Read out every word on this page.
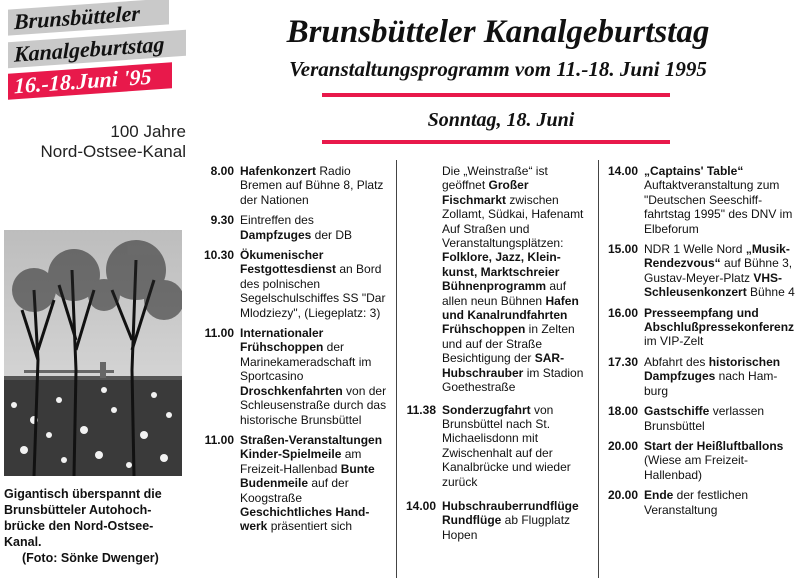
Brunsbütteler
Kanalgeburtstag
16.-18.Juni '95
100 Jahre
Nord-Ostsee-Kanal
Brunsbütteler Kanalgeburtstag
Veranstaltungsprogramm vom 11.-18. Juni 1995
Sonntag, 18. Juni
Gigantisch überspannt die Brunsbütteler Autohochbrücke den Nord-Ostsee-Kanal.
(Foto: Sönke Dwenger)
8.00 Hafenkonzert Radio Bremen auf Bühne 8, Platz der Nationen
9.30 Eintreffen des Dampfzuges der DB
10.30 Ökumenischer Festgottesdienst an Bord des polnischen Segelschulschiffes SS "Dar Mlodziezy", (Liegeplatz: 3)
11.00 Internationaler Frühschoppen der Marinekameradschaft im Sportcasino Droschkenfahrten von der Schleusenstraße durch das historische Brunsbüttel
11.00 Straßen-Veranstaltungen Kinder-Spielmeile am Freizeit-Hallenbad Bunte Budenmeile auf der Koogstraße Geschichtliches Handwerk präsentiert sich
Die „Weinstraße“ ist geöffnet Großer Fischmarkt zwischen Zollamt, Südkai, Hafenamt Auf Straßen und Veranstaltungsplätzen: Folklore, Jazz, Kleinkunst, Marktschreier Bühnenprogramm auf allen neun Bühnen Hafen und Kanalrundfahrten Frühschoppen in Zelten und auf der Straße Besichtigung der SAR-Hubschrauber im Stadion Goethestraße
11.38 Sonderzugfahrt von Brunsbüttel nach St. Michaelisdonn mit Zwischenhalt auf der Kanalbrücke und wieder zurück
14.00 Hubschrauberrundflüge Rundflüge ab Flugplatz Hopen
14.00 „Captains' Table“ Auftaktveranstaltung zum "Deutschen Seeschifffahrtstag 1995" des DNV im Elbeforum
15.00 NDR 1 Welle Nord „Musik-Rendezvous“ auf Bühne 3, Gustav-Meyer-Platz VHS-Schleusenkonzert Bühne 4
16.00 Presseempfang und Abschlußpressekonferenz im VIP-Zelt
17.30 Abfahrt des historischen Dampfzuges nach Hamburg
18.00 Gastschiffe verlassen Brunsbüttel
20.00 Start der Heißluftballons (Wiese am Freizeit-Hallenbad)
20.00 Ende der festlichen Veranstaltung
